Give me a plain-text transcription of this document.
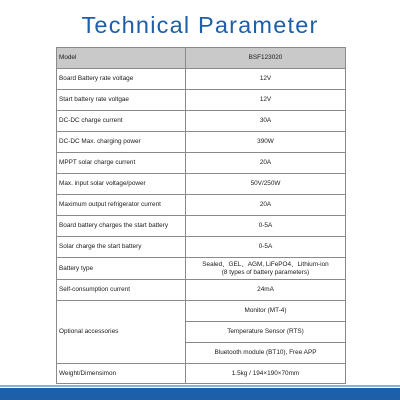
Technical Parameter
Model	BSF123020
Board Battery rate voltage	12V
Start battery rate voltgae	12V
DC-DC charge current	30A
DC-DC Max. charging power	390W
MPPT solar charge current	20A
Max. input solar voltage/power	50V/250W
Maximum output refrigerator current	20A
Board battery charges the start battery	0-5A
Solar charge the start battery	0-5A
Battery type	Sealed、GEL、AGM, LiFePO4、Lithium-ion
(8 types of battery parameters)

Self-consumption current	24mA
Optional accessories	Monitor (MT-4)
	Temperature Sensor (RTS)
	Bluetooth module (BT10), Free APP
Weight/Dimensimon	1.5kg / 194×190×70mm
